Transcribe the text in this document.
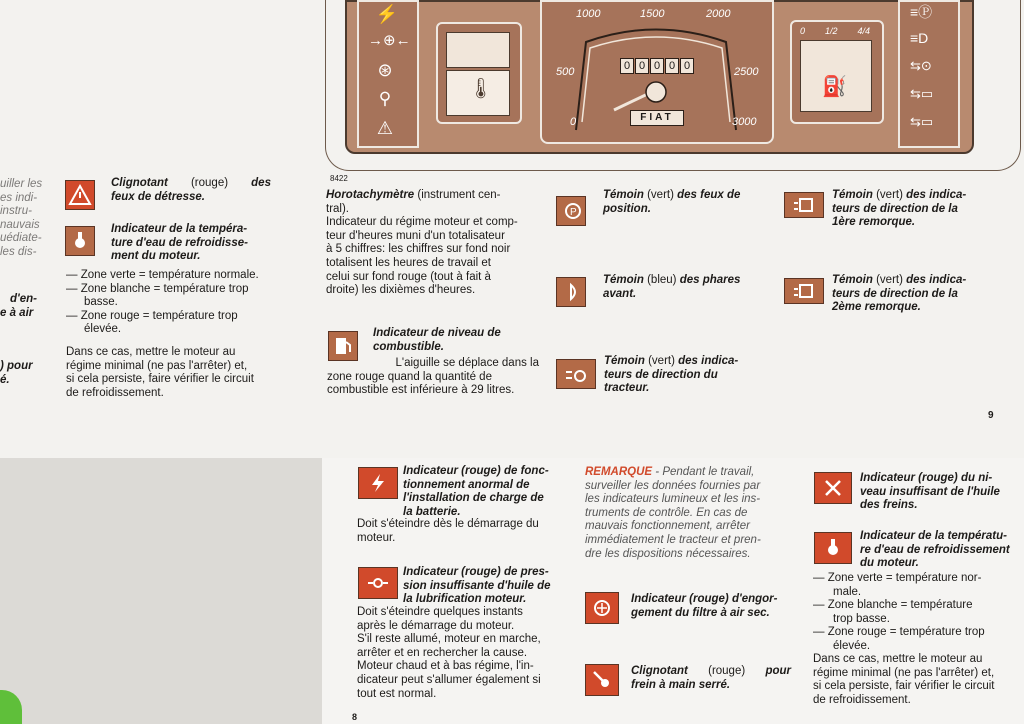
uiller les
es indi-
instru-
nauvais
uédiate-
les dis-
d'en-
e à air
) pour
é.
⚡
→⊕←
⊛
⚲
⚠
🌡
500
1000	1500	2000
2500
3000
0
0 0 0 0 0
FIAT
0 1/2 4/4
⛽
≡Ⓟ
≡D
⇆⊙
⇆▭
⇆▭
8422
Clignotant (rouge) des
feux de détresse.
Indicateur de la tempéra-
ture d'eau de refroidisse-
ment du moteur.
— Zone verte = température normale.
— Zone blanche = température trop
basse.
— Zone rouge = température trop
élevée.
Dans ce cas, mettre le moteur au
régime minimal (ne pas l'arrêter) et,
si cela persiste, faire vérifier le circuit
de refroidissement.
Horotachymètre (instrument cen-
tral).
Indicateur du régime moteur et comp-
teur d'heures muni d'un totalisateur
à 5 chiffres: les chiffres sur fond noir
totalisent les heures de travail et
celui sur fond rouge (tout à fait à
droite) les dixièmes d'heures.
Indicateur de niveau de
combustible.
L'aiguille se déplace dans la
zone rouge quand la quantité de
combustible est inférieure à 29 litres.
P
Témoin (vert) des feux de
position.
Témoin (bleu) des phares
avant.
Témoin (vert) des indica-
teurs de direction du
tracteur.
Témoin (vert) des indica-
teurs de direction de la
1ère remorque.
Témoin (vert) des indica-
teurs de direction de la
2ème remorque.
9
Indicateur (rouge) de fonc-
tionnement anormal de
l'installation de charge de
la batterie.
Doit s'éteindre dès le démarrage du
moteur.
Indicateur (rouge) de pres-
sion insuffisante d'huile de
la lubrification moteur.
Doit s'éteindre quelques instants
après le démarrage du moteur.
S'il reste allumé, moteur en marche,
arrêter et en rechercher la cause.
Moteur chaud et à bas régime, l'in-
dicateur peut s'allumer également si
tout est normal.
8
REMARQUE - Pendant le travail,
surveiller les données fournies par
les indicateurs lumineux et les ins-
truments de contrôle. En cas de
mauvais fonctionnement, arrêter
immédiatement le tracteur et pren-
dre les dispositions nécessaires.
Indicateur (rouge) d'engor-
gement du filtre à air sec.
Clignotant (rouge) pour
frein à main serré.
Indicateur (rouge) du ni-
veau insuffisant de l'huile
des freins.
Indicateur de la températu-
re d'eau de refroidissement
du moteur.
— Zone verte = température nor-
male.
— Zone blanche = température
trop basse.
— Zone rouge = température trop
élevée.
Dans ce cas, mettre le moteur au
régime minimal (ne pas l'arrêter) et,
si cela persiste, fair vérifier le circuit
de refroidissement.
